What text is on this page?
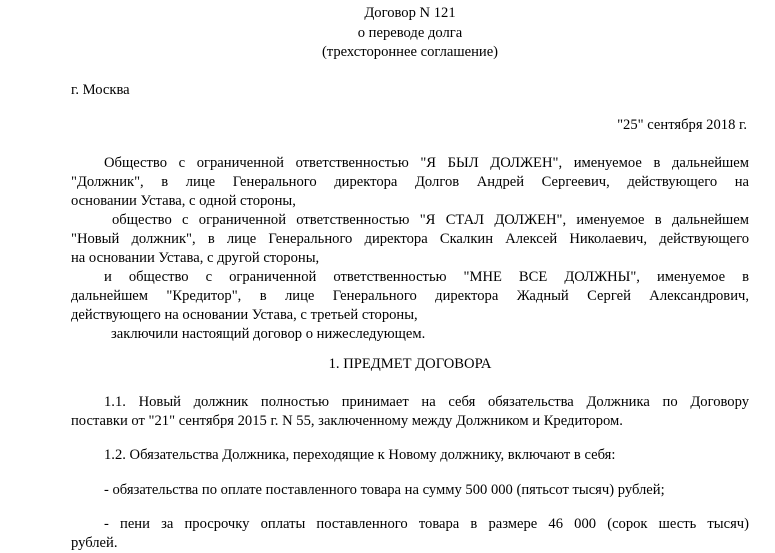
Договор N 121
о переводе долга
(трехстороннее соглашение)
г. Москва
"25" сентября 2018 г.
Общество с ограниченной ответственностью "Я БЫЛ ДОЛЖЕН", именуемое в дальнейшем
"Должник", в лице Генерального директора Долгов Андрей Сергеевич, действующего на
основании Устава, с одной стороны,
общество с ограниченной ответственностью "Я СТАЛ ДОЛЖЕН", именуемое в дальнейшем
"Новый должник", в лице Генерального директора Скалкин Алексей Николаевич, действующего
на основании Устава, с другой стороны,
и общество с ограниченной ответственностью "МНЕ ВСЕ ДОЛЖНЫ", именуемое в
дальнейшем "Кредитор", в лице Генерального директора Жадный Сергей Александрович,
действующего на основании Устава, с третьей стороны,
заключили настоящий договор о нижеследующем.
1. ПРЕДМЕТ ДОГОВОРА
1.1. Новый должник полностью принимает на себя обязательства Должника по Договору
поставки от "21" сентября 2015 г. N 55, заключенному между Должником и Кредитором.
1.2. Обязательства Должника, переходящие к Новому должнику, включают в себя:
- обязательства по оплате поставленного товара на сумму 500 000 (пятьсот тысяч) рублей;
- пени за просрочку оплаты поставленного товара в размере 46 000 (сорок шесть тысяч)
рублей.
